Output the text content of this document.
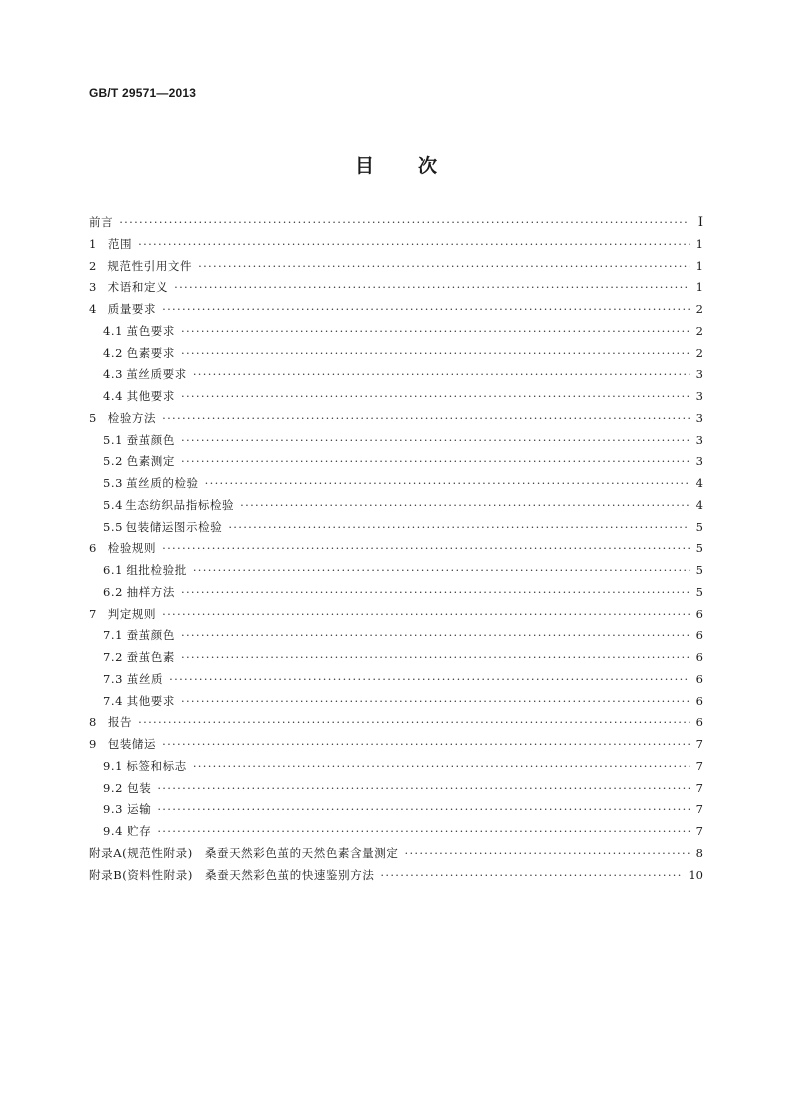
GB/T 29571—2013
目 次
前言 ·····	Ⅰ
1 范围 ·····	1
2 规范性引用文件 ·····	1
3 术语和定义 ·····	1
4 质量要求 ·····	2
4.1 茧色要求 ·····	2
4.2 色素要求 ·····	2
4.3 茧丝质要求 ·····	3
4.4 其他要求 ·····	3
5 检验方法 ·····	3
5.1 蚕茧颜色 ·····	3
5.2 色素测定 ·····	3
5.3 茧丝质的检验 ·····	4
5.4 生态纺织品指标检验 ·····	4
5.5 包装储运图示检验 ·····	5
6 检验规则 ·····	5
6.1 组批检验批 ·····	5
6.2 抽样方法 ·····	5
7 判定规则 ·····	6
7.1 蚕茧颜色 ·····	6
7.2 蚕茧色素 ·····	6
7.3 茧丝质 ·····	6
7.4 其他要求 ·····	6
8 报告 ·····	6
9 包装储运 ·····	7
9.1 标签和标志 ·····	7
9.2 包装 ·····	7
9.3 运输 ·····	7
9.4 贮存 ·····	7
附录A(规范性附录)　桑蚕天然彩色茧的天然色素含量测定 ·····	8
附录B(资料性附录)　桑蚕天然彩色茧的快速鉴别方法 ·····	10
